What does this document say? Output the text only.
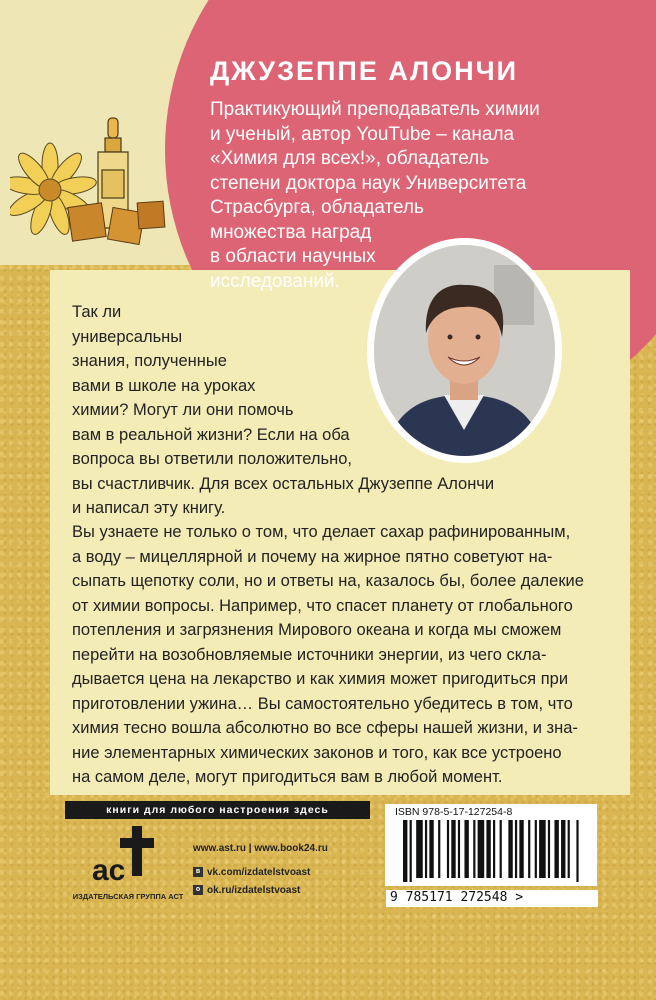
ДЖУЗЕППЕ АЛОНЧИ

Практикующий преподаватель химии
и ученый, автор YouTube – канала
«Химия для всех!», обладатель
степени доктора наук Университета
Страсбурга, обладатель
множества наград
в области научных
исследований.

Так ли
универсальны
знания, полученные
вами в школе на уроках
химии? Могут ли они помочь
вам в реальной жизни? Если на оба
вопроса вы ответили положительно,
вы счастливчик. Для всех остальных Джузеппе Алончи
и написал эту книгу.

Вы узнаете не только о том, что делает сахар рафинированным,
а воду – мицеллярной и почему на жирное пятно советуют на-
сыпать щепотку соли, но и ответы на, казалось бы, более далекие
от химии вопросы. Например, что спасет планету от глобального
потепления и загрязнения Мирового океана и когда мы сможем
перейти на возобновляемые источники энергии, из чего скла-
дывается цена на лекарство и как химия может пригодиться при
приготовлении ужина… Вы самостоятельно убедитесь в том, что
химия тесно вошла абсолютно во все сферы нашей жизни, и зна-
ние элементарных химических законов и того, как все устроено
на самом деле, могут пригодиться вам в любой момент.

книги для любого настроения здесь
ас

ИЗДАТЕЛЬСКАЯ ГРУППА АСТ

www.ast.ru | www.book24.ru
в vk.com/izdatelstvoast
о ok.ru/izdatelstvoast
ISBN 978-5-17-127254-8
9 785171 272548 >
